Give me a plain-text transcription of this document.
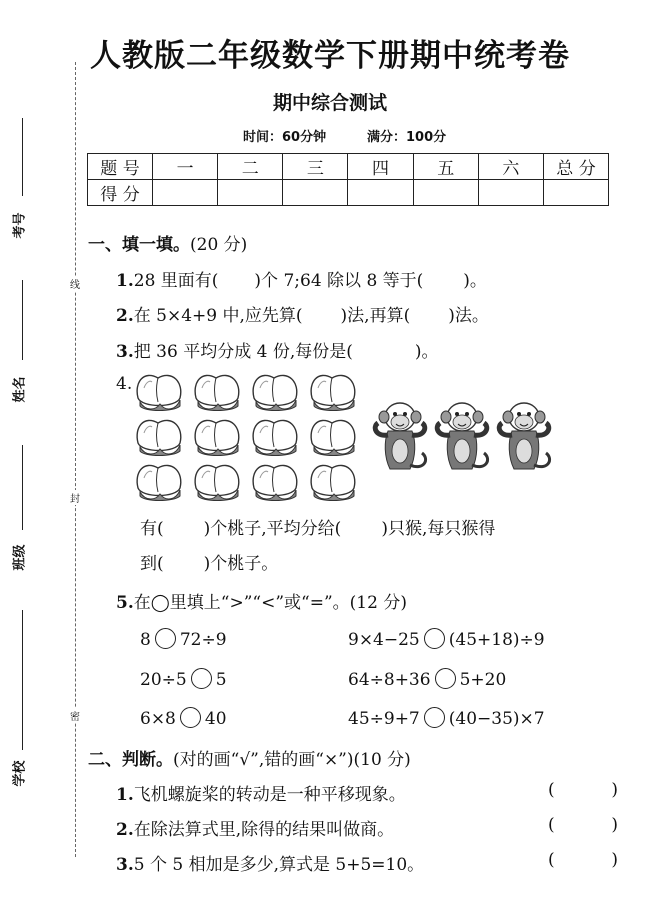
人教版二年级数学下册期中统考卷
期中综合测试
时间：60分钟	满分：100分
线
封
密
考号
姓名
班级
学校
题 号	一	二	三	四	五	六	总 分
得 分							
一、填一填。(20 分)
1.28 里面有( )个 7;64 除以 8 等于( )。
2.在 5×4+9 中,应先算( )法,再算( )法。
3.把 36 平均分成 4 份,每份是(	)。
4.
有( )个桃子,平均分给( )只猴,每只猴得
到( )个桃子。
5.在◯里填上“>”“<”或“=”。(12 分)
8 72÷9	9×4−25 (45+18)÷9
20÷5 5	64÷8+36 5+20
6×8 40	45÷9+7 (40−35)×7
二、判断。(对的画“√”,错的画“×”)(10 分)
1.飞机螺旋桨的转动是一种平移现象。	(	)
2.在除法算式里,除得的结果叫做商。	(	)
3.5 个 5 相加是多少,算式是 5+5=10。	(	)
